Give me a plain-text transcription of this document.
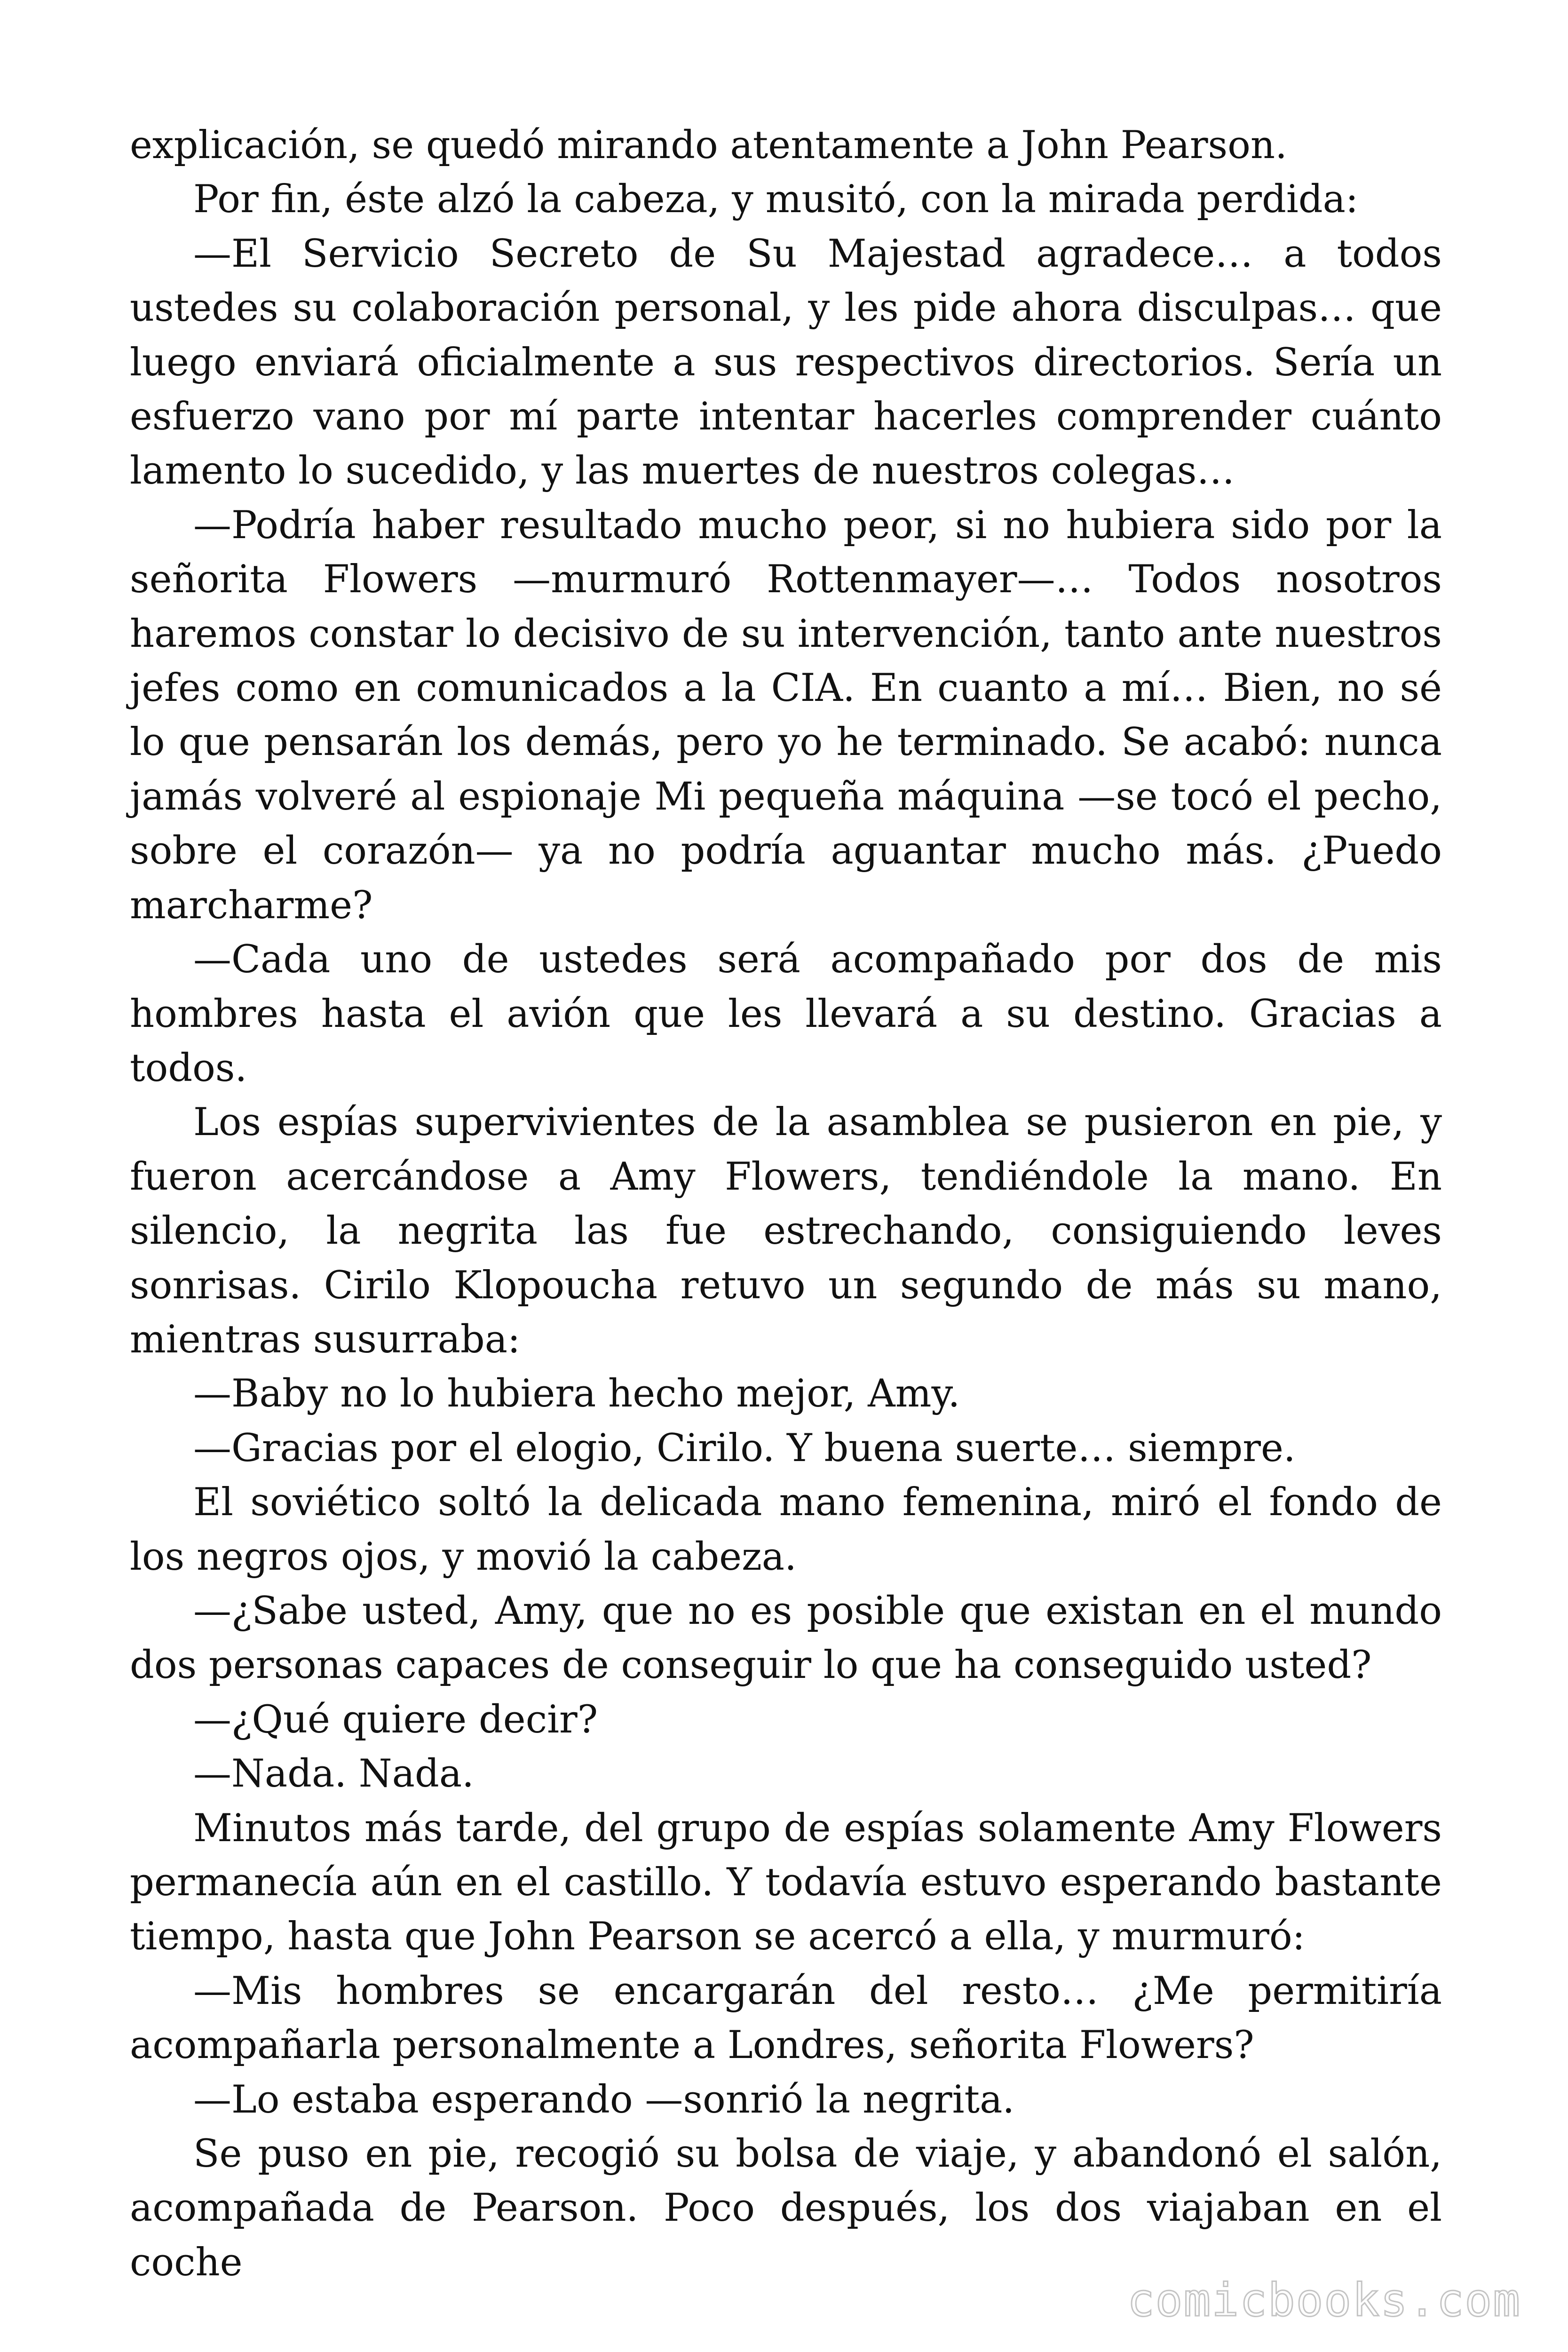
explicación, se quedó mirando atentamente a John Pearson.

Por fin, éste alzó la cabeza, y musitó, con la mirada perdida:

—El Servicio Secreto de Su Majestad agradece… a todos ustedes su colaboración personal, y les pide ahora disculpas… que luego enviará oficialmente a sus respectivos directorios. Sería un esfuerzo vano por mí parte intentar hacerles comprender cuánto lamento lo sucedido, y las muertes de nuestros colegas…

—Podría haber resultado mucho peor, si no hubiera sido por la señorita Flowers —murmuró Rottenmayer—… Todos nosotros haremos constar lo decisivo de su intervención, tanto ante nuestros jefes como en comunicados a la CIA. En cuanto a mí… Bien, no sé lo que pensarán los demás, pero yo he terminado. Se acabó: nunca jamás volveré al espionaje Mi pequeña máquina —se tocó el pecho, sobre el corazón— ya no podría aguantar mucho más. ¿Puedo marcharme?

—Cada uno de ustedes será acompañado por dos de mis hombres hasta el avión que les llevará a su destino. Gracias a todos.

Los espías supervivientes de la asamblea se pusieron en pie, y fueron acercándose a Amy Flowers, tendiéndole la mano. En silencio, la negrita las fue estrechando, consiguiendo leves sonrisas. Cirilo Klopoucha retuvo un segundo de más su mano, mientras susurraba:

—Baby no lo hubiera hecho mejor, Amy.

—Gracias por el elogio, Cirilo. Y buena suerte… siempre.

El soviético soltó la delicada mano femenina, miró el fondo de los negros ojos, y movió la cabeza.

—¿Sabe usted, Amy, que no es posible que existan en el mundo dos personas capaces de conseguir lo que ha conseguido usted?

—¿Qué quiere decir?

—Nada. Nada.

Minutos más tarde, del grupo de espías solamente Amy Flowers permanecía aún en el castillo. Y todavía estuvo esperando bastante tiempo, hasta que John Pearson se acercó a ella, y murmuró:

—Mis hombres se encargarán del resto… ¿Me permitiría acompañarla personalmente a Londres, señorita Flowers?

—Lo estaba esperando —sonrió la negrita.

Se puso en pie, recogió su bolsa de viaje, y abandonó el salón, acompañada de Pearson. Poco después, los dos viajaban en el coche

comicbooks.com
